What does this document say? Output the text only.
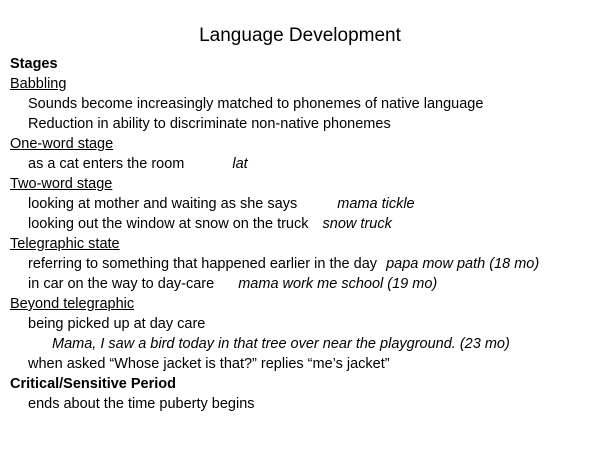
Language Development
Stages
Babbling
Sounds become increasingly matched to phonemes of native language
Reduction in ability to discriminate non-native phonemes
One-word stage
as a cat enters the room	lat
Two-word stage
looking at mother and waiting as she says	mama tickle
looking out the window at snow on the truck snow truck
Telegraphic state
referring to something that happened earlier in the day papa mow path (18 mo)
in car on the way to day-care mama work me school (19 mo)
Beyond telegraphic
being picked up at day care
Mama, I saw a bird today in that tree over near the playground. (23 mo)
when asked “Whose jacket is that?” replies “me’s jacket”
Critical/Sensitive Period
ends about the time puberty begins
